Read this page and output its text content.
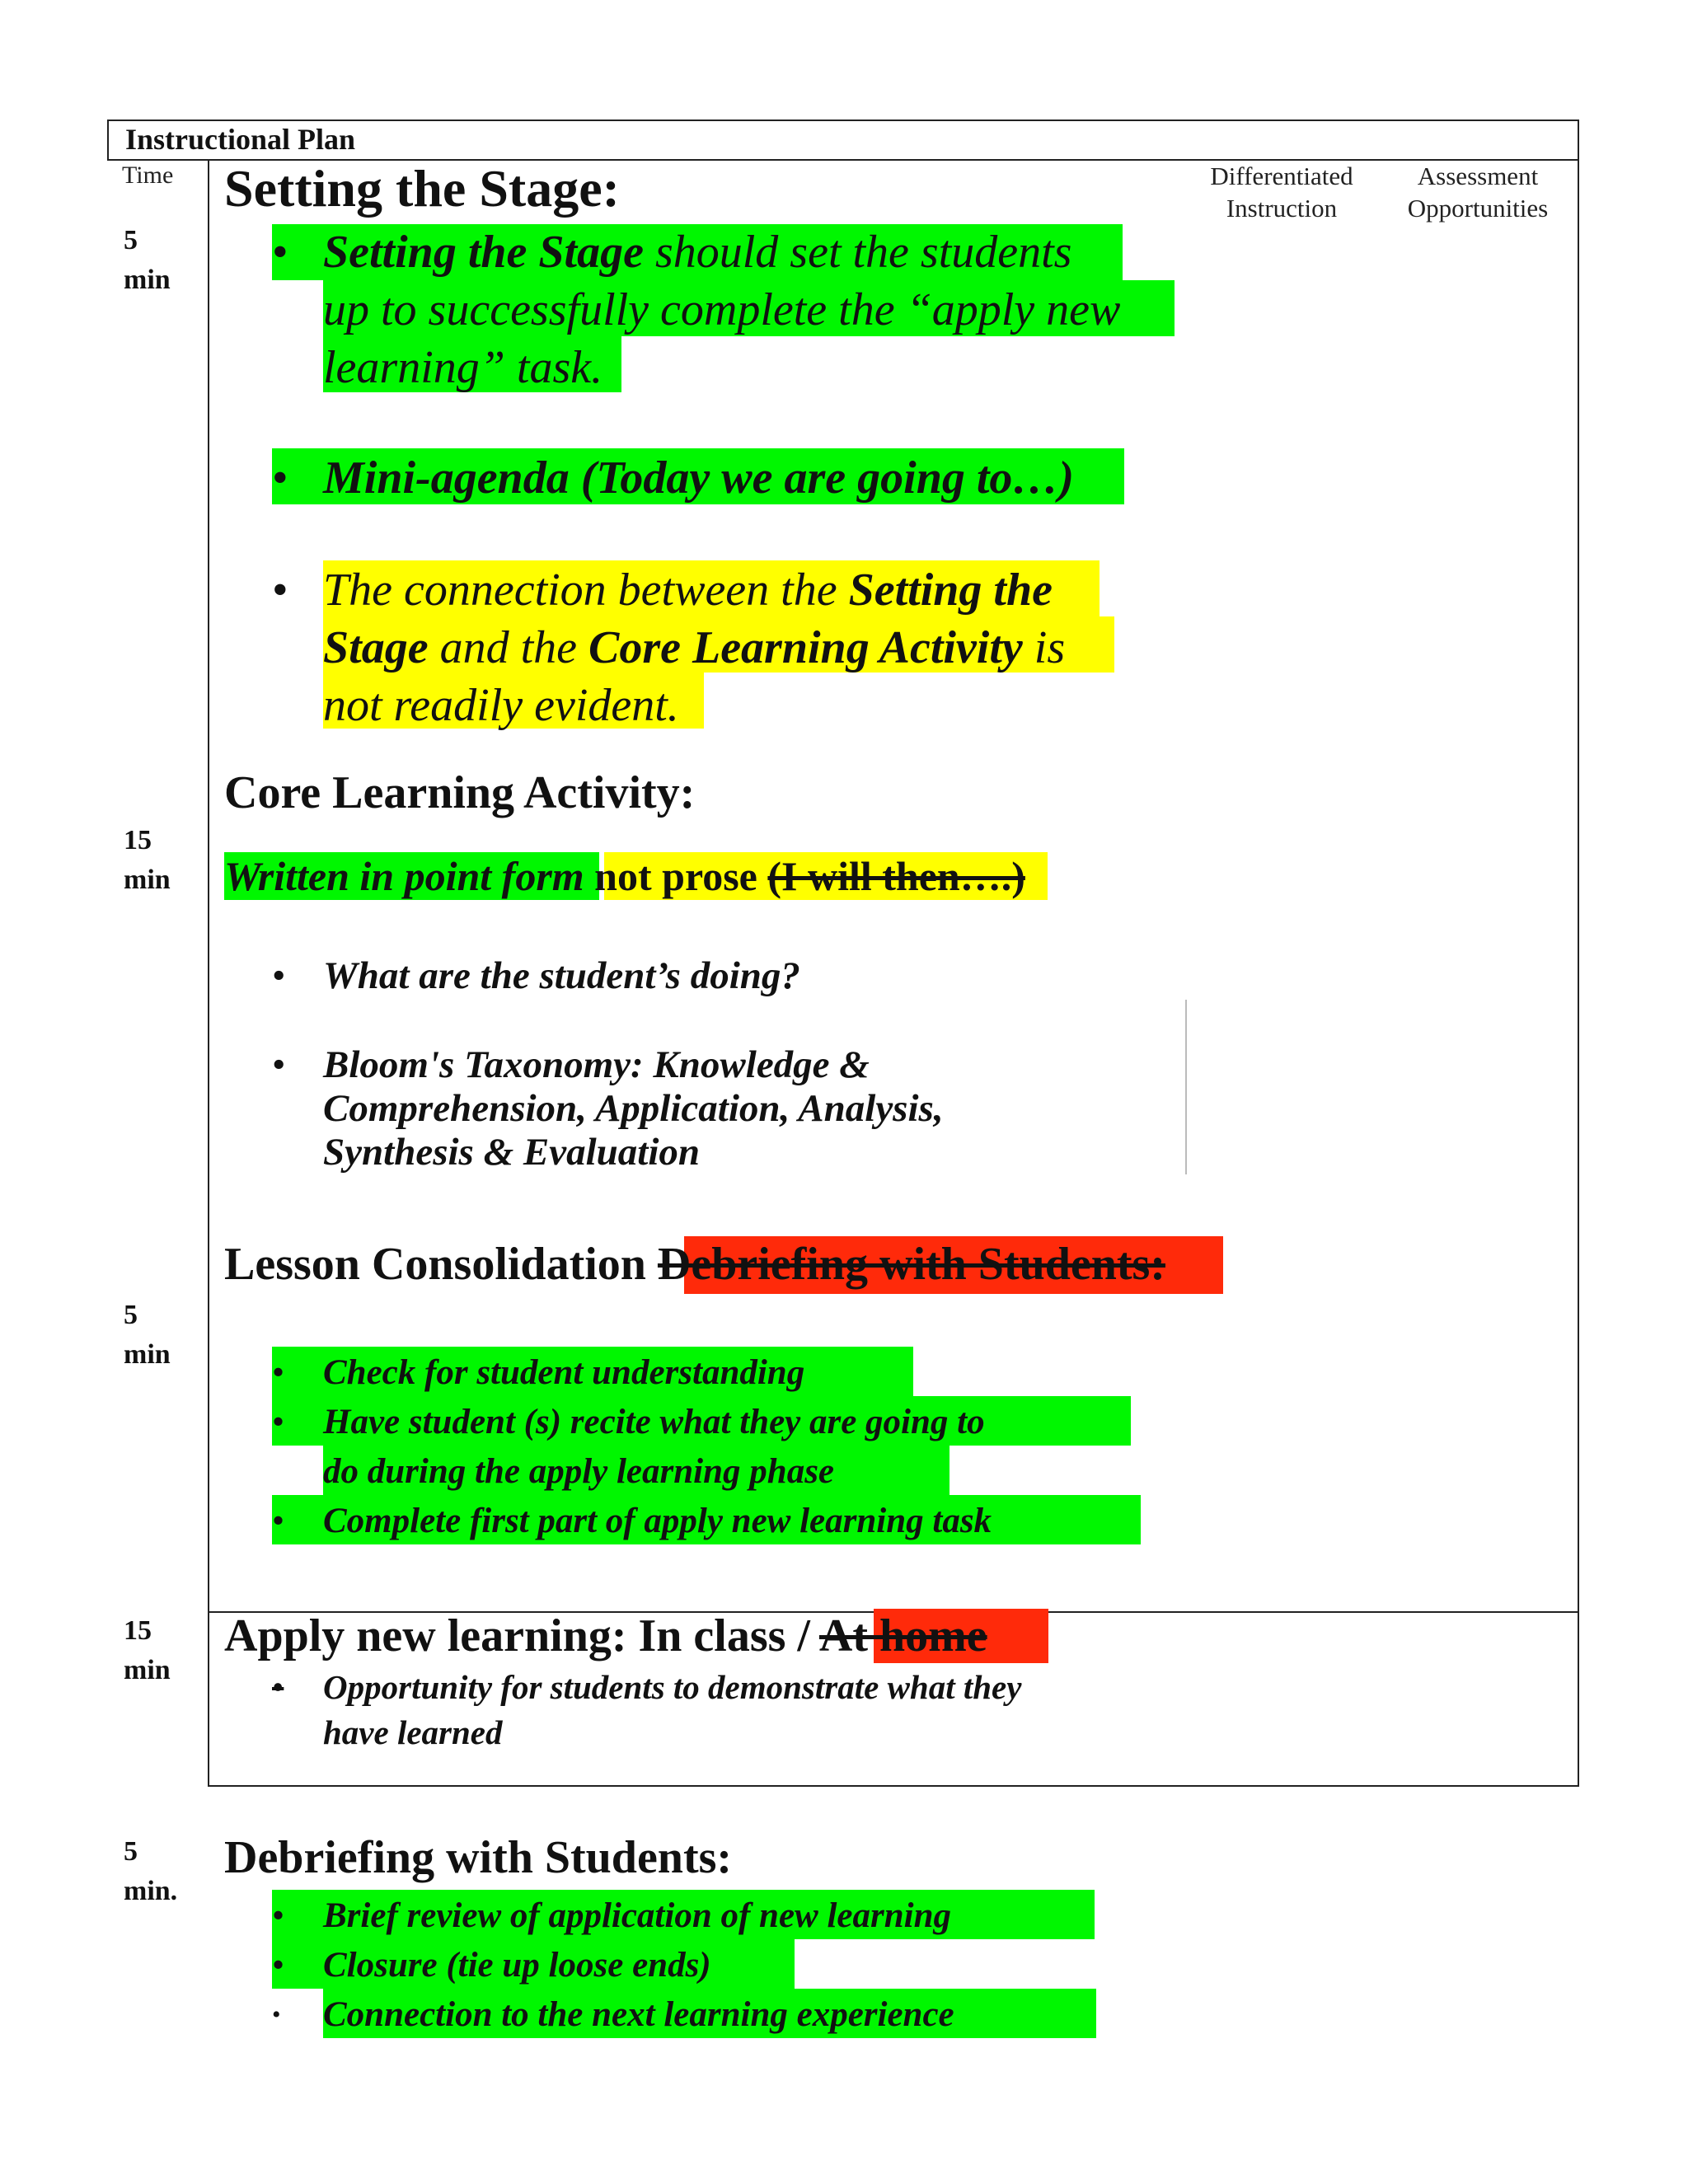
Instructional Plan
Time	Differentiated
Instruction
Assessment
Opportunities
5
min
15
min
5
min
15
min
5
min.
Setting the Stage:
• Setting the Stage should set the students
up to successfully complete the “apply new
learning” task.
• Mini-agenda (Today we are going to…)
• The connection between the Setting the
Stage and the Core Learning Activity is
not readily evident.
Core Learning Activity:
Written in point form not prose (I will then….)
• What are the student’s doing?
• Bloom's Taxonomy: Knowledge &
Comprehension, Application, Analysis,
Synthesis & Evaluation
Lesson Consolidation Debriefing with Students:
• Check for student understanding
• Have student (s) recite what they are going to
do during the apply learning phase
• Complete first part of apply new learning task
Apply new learning: In class / At home
• Opportunity for students to demonstrate what they
have learned
Debriefing with Students:
• Brief review of application of new learning
• Closure (tie up loose ends)
• Connection to the next learning experience
